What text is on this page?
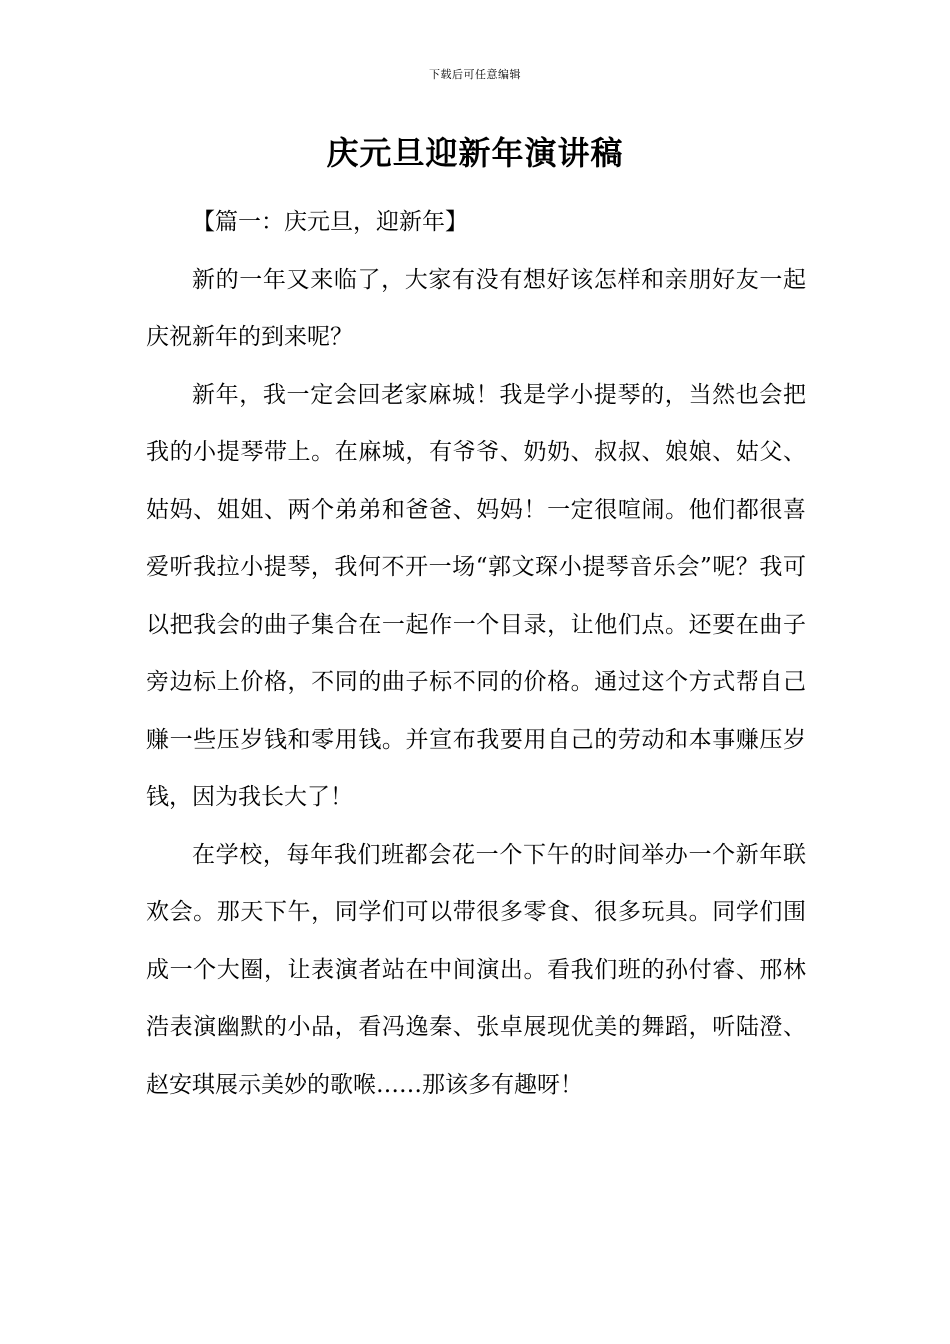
下载后可任意编辑
庆元旦迎新年演讲稿

【篇一：庆元旦，迎新年】

新的一年又来临了，大家有没有想好该怎样和亲朋好友一起庆祝新年的到来呢？

新年，我一定会回老家麻城！我是学小提琴的，当然也会把我的小提琴带上。在麻城，有爷爷、奶奶、叔叔、娘娘、姑父、姑妈、姐姐、两个弟弟和爸爸、妈妈！一定很喧闹。他们都很喜爱听我拉小提琴，我何不开一场“郭文琛小提琴音乐会”呢？我可以把我会的曲子集合在一起作一个目录，让他们点。还要在曲子旁边标上价格，不同的曲子标不同的价格。通过这个方式帮自己赚一些压岁钱和零用钱。并宣布我要用自己的劳动和本事赚压岁钱，因为我长大了！

在学校，每年我们班都会花一个下午的时间举办一个新年联欢会。那天下午，同学们可以带很多零食、很多玩具。同学们围成一个大圈，让表演者站在中间演出。看我们班的孙付睿、邢林浩表演幽默的小品，看冯逸秦、张卓展现优美的舞蹈，听陆澄、赵安琪展示美妙的歌喉……那该多有趣呀！
